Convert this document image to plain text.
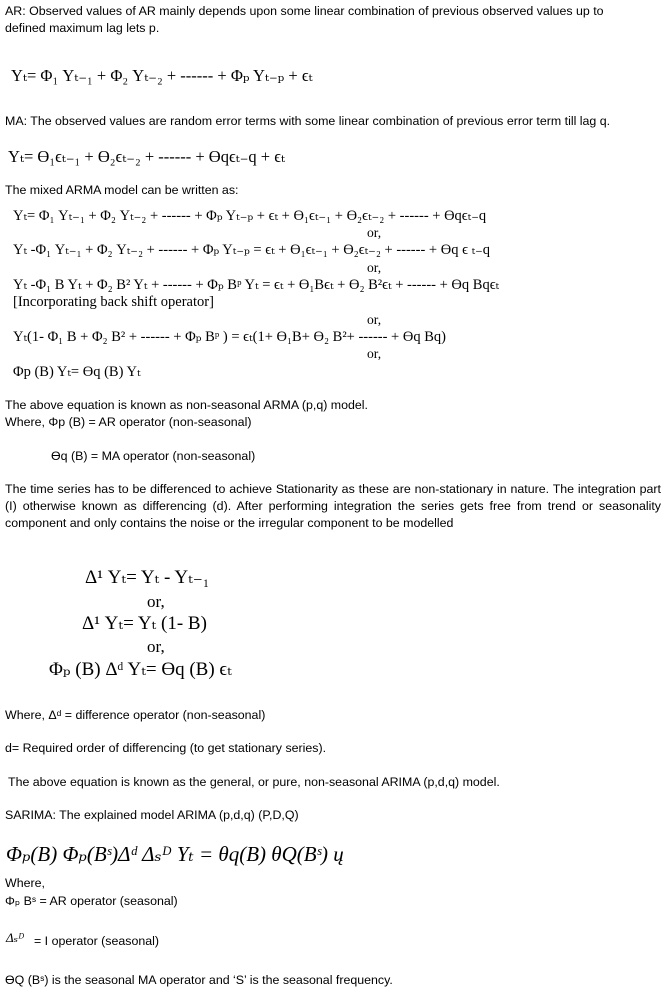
AR: Observed values of AR mainly depends upon some linear combination of previous observed values up to
defined maximum lag lets p.
Yₜ= Φ₁ Yₜ₋₁ + Φ₂ Yₜ₋₂ + ------ + Φₚ Yₜ₋ₚ + ϵₜ
MA: The observed values are random error terms with some linear combination of previous error term till lag q.
Yₜ= ϴ₁ϵₜ₋₁ + ϴ₂ϵₜ₋₂ + ------ + ϴqϵₜ₋q + ϵₜ
The mixed ARMA model can be written as:
Yₜ= Φ₁ Yₜ₋₁ + Φ₂ Yₜ₋₂ + ------ + Φₚ Yₜ₋ₚ + ϵₜ + ϴ₁ϵₜ₋₁ + ϴ₂ϵₜ₋₂ + ------ + ϴqϵₜ₋q
or,
Yₜ -Φ₁ Yₜ₋₁ + Φ₂ Yₜ₋₂ + ------ + Φₚ Yₜ₋ₚ = ϵₜ + ϴ₁ϵₜ₋₁ + ϴ₂ϵₜ₋₂ + ------ + ϴq ϵ ₜ₋q
or,
Yₜ -Φ₁ B Yₜ + Φ₂ B² Yₜ + ------ + Φₚ Bᵖ Yₜ = ϵₜ + ϴ₁Bϵₜ + ϴ₂ B²ϵₜ + ------ + ϴq Bqϵₜ
[Incorporating back shift operator]
or,
Yₜ(1- Φ₁ B + Φ₂ B² + ------ + Φₚ Bᵖ ) = ϵₜ(1+ ϴ₁B+ ϴ₂ B²+ ------ + ϴq Bq)
or,
Φp (B) Yₜ= ϴq (B) Yₜ
The above equation is known as non-seasonal ARMA (p,q) model.
Where, Φp (B) = AR operator (non-seasonal)
ϴq (B) = MA operator (non-seasonal)
The time series has to be differenced to achieve Stationarity as these are non-stationary in nature. The integration part (I) otherwise known as differencing (d). After performing integration the series gets free from trend or seasonality component and only contains the noise or the irregular component to be modelled
Δ¹ Yₜ= Yₜ - Yₜ₋₁
or,
Δ¹ Yₜ= Yₜ (1- B)
or,
Φₚ (B) Δᵈ Yₜ= ϴq (B) ϵₜ
Where, Δᵈ = difference operator (non-seasonal)
d= Required order of differencing (to get stationary series).
The above equation is known as the general, or pure, non-seasonal ARIMA (p,d,q) model.
SARIMA: The explained model ARIMA (p,d,q) (P,D,Q)
Φₚ(B) Φₚ(Bˢ)Δᵈ Δₛᴰ Yₜ = θq(B) θQ(Bˢ) ų
Where,
Φₚ Bˢ = AR operator (seasonal)
Δₛᴰ = I operator (seasonal)
ϴQ (Bˢ) is the seasonal MA operator and ‘S’ is the seasonal frequency.
